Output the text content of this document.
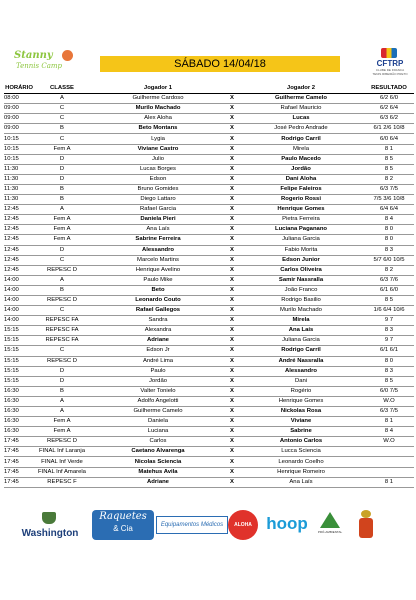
Stanny
Tennis Camp	SÁBADO 14/04/18	CFTRP
CLUBE DE FRANCA TENIS RIBEIRÃO PRETO
HORÁRIO	CLASSE	Jogador 1		Jogador 2	RESULTADO
08:00	A	Guilherme Cardoso	X	Guilherme Camelo	6/2 6/0
09:00	C	Murilo Machado	X	Rafael Mauricio	6/2 6/4
09:00	C	Alex Aloha	X	Lucas	6/3 6/2
09:00	B	Beto Montans	X	José Pedro Andrade	6/1 2/6 10/8
10:15	C	Lygia	X	Rodrigo Carril	6/0 6/4
10:15	Fem A	Viviane Castro	X	Mirela	8 1
10:15	D	Julio	X	Paulo Macedo	8 5
11:30	D	Lucas Borges	X	Jordão	8 5
11:30	D	Edson	X	Dani Aloha	8 2
11:30	B	Bruno Gomides	X	Felipe Faleiros	6/3 7/5
11:30	B	Diego Lattaro	X	Rogerio Rossi	7/5 3/6 10/8
12:45	A	Rafael Garcia	X	Henrique Gomes	6/4 6/4
12:45	Fem A	Daniela Pieri	X	Pietra Ferreira	8 4
12:45	Fem A	Ana Laís	X	Luciana Paganano	8 0
12:45	Fem A	Sabrine Ferreira	X	Juliana Garcia	8 0
12:45	D	Alessandro	X	Fabio Morita	8 3
12:45	C	Marcelo Martins	X	Edson Junior	5/7 6/0 10/5
12:45	REPESC D	Henrique Avelino	X	Carlos Oliveira	8 2
14:00	A	Paulo Mike	X	Samir Nassralla	6/3 7/6
14:00	B	Beto	X	João Franco	6/1 6/0
14:00	REPESC D	Leonardo Couto	X	Rodrigo Basilio	8 5
14:00	C	Rafael Gallegos	X	Murilo Machado	1/6 6/4 10/6
14:00	REPESC FA	Sandra	X	Mirela	9 7
15:15	REPESC FA	Alexandra	X	Ana Laís	8 3
15:15	REPESC FA	Adriane	X	Juliana Garcia	9 7
15:15	C	Edson Jr	X	Rodrigo Carril	6/1 6/1
15:15	REPESC D	André Lima	X	André Nassralla	8 0
15:15	D	Paulo	X	Alessandro	8 3
15:15	D	Jordão	X	Dani	8 5
16:30	B	Valter Tonielo	X	Rogério	6/0 7/5
16:30	A	Adolfo Angelotti	X	Henrique Gomes	W.O
16:30	A	Guilherme Camelo	X	Nickolas Rosa	6/3 7/5
16:30	Fem A	Daniela	X	Viviane	8 1
16:30	Fem A	Luciana	X	Sabrine	8 4
17:45	REPESC D	Carlos	X	Antonio Carlos	W.O
17:45	FINAL Inf Laranja	Caetano Alvarenga	X	Lucca Sciencia	
17:45	FINAL Inf Verde	Nicolas Sciencia	X	Leonardo Coelho	
17:45	FINAL Inf Amarela	Matehus Avila	X	Henrique Romeiro	
17:45	REPESC F	Adriane	X	Ana Laís	8 1
Washington
Raquetes
& Cia	Equipamentos Médicos	ALOHA hoop	PRÓ-AMBIENTAL
